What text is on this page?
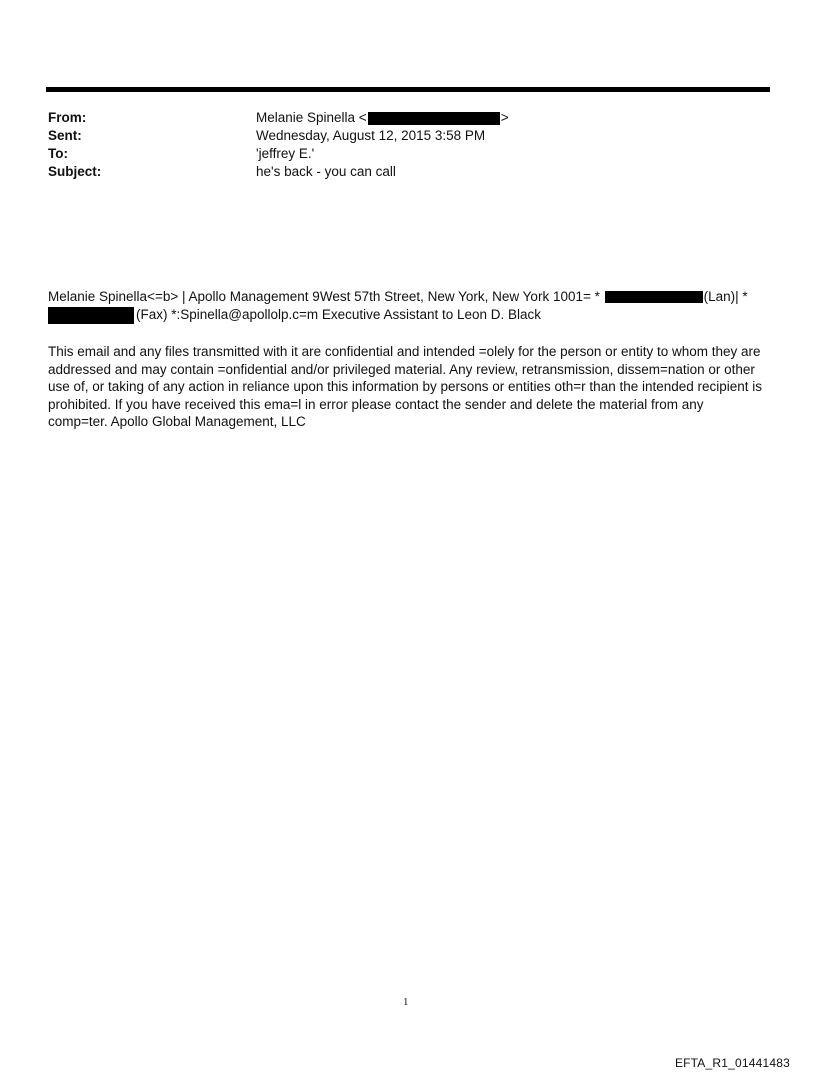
From:	Melanie Spinella <	>
Sent:	Wednesday, August 12, 2015 3:58 PM
To:	'jeffrey E.'
Subject:	he's back - you can call
Melanie Spinella<=b> | Apollo Management 9West 57th Street, New York, New York 1001= *	(Lan)| *
(Fax) *:Spinella@apollolp.c=m Executive Assistant to Leon D. Black
This email and any files transmitted with it are confidential and intended =olely for the person or entity to whom they are addressed and may contain =onfidential and/or privileged material. Any review, retransmission, dissem=nation or other use of, or taking of any action in reliance upon this information by persons or entities oth=r than the intended recipient is prohibited. If you have received this ema=l in error please contact the sender and delete the material from any comp=ter. Apollo Global Management, LLC
1
EFTA_R1_01441483
